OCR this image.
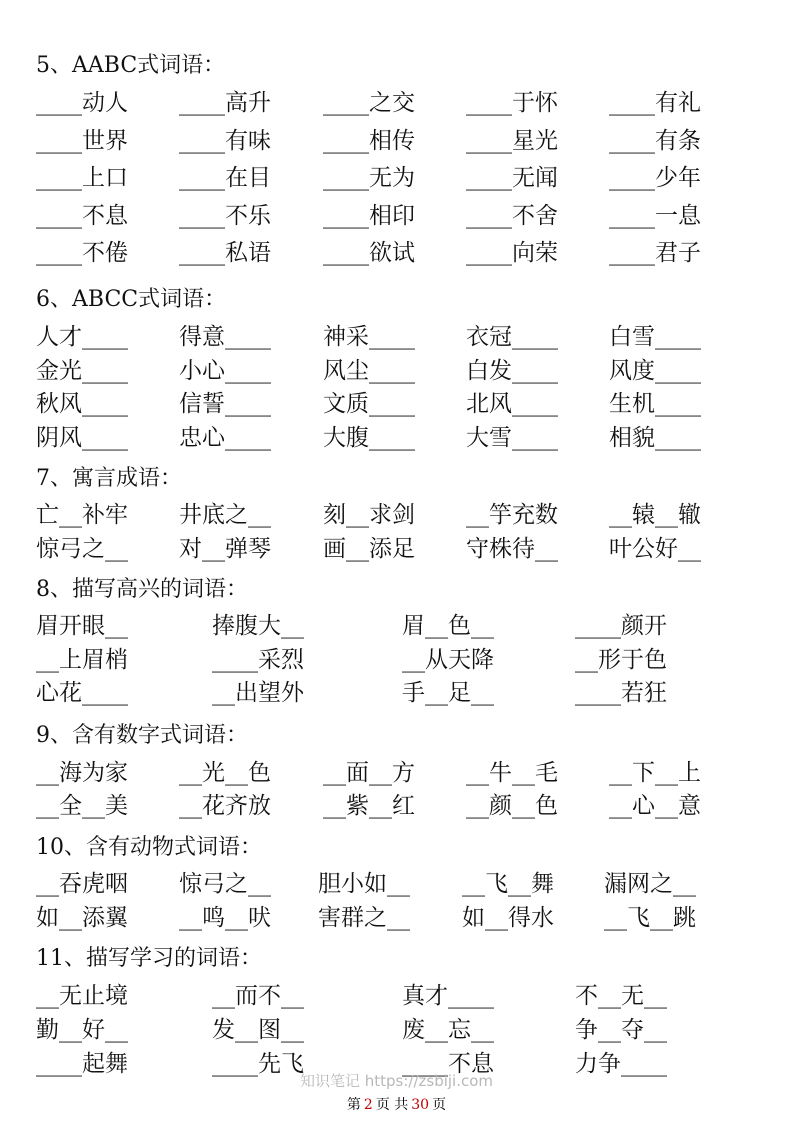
5、AABC式词语：
____动人 ____高升 ____之交 ____于怀 ____有礼
____世界 ____有味 ____相传 ____星光 ____有条
____上口 ____在目 ____无为 ____无闻 ____少年
____不息 ____不乐 ____相印 ____不舍 ____一息
____不倦 ____私语 ____欲试 ____向荣 ____君子
6、ABCC式词语：
人才____ 得意____ 神采____ 衣冠____ 白雪____
金光____ 小心____ 风尘____ 白发____ 风度____
秋风____ 信誓____ 文质____ 北风____ 生机____
阴风____ 忠心____ 大腹____ 大雪____ 相貌____
7、寓言成语：
亡__补牢 井底之__ 刻__求剑 __竽充数 __辕__辙
惊弓之__ 对__弹琴 画__添足 守株待__ 叶公好__
8、描写高兴的词语：
眉开眼__	捧腹大__	眉__色__	____颜开
__上眉梢	____采烈	__从天降	__形于色
心花____	__出望外	手__足__	____若狂
9、含有数字式词语：
__海为家 __光__色 __面__方 __牛__毛 __下__上
__全__美 __花齐放 __紫__红 __颜__色 __心__意
10、含有动物式词语：
__吞虎咽 惊弓之__ 胆小如__ __飞__舞 漏网之__
如__添翼 __鸣__吠 害群之__ 如__得水 __飞__跳
11、描写学习的词语：
__无止境	__而不__	真才____	不__无__
勤__好__	发__图__	废__忘__	争__夺__
____起舞	____先飞	____不息	力争____
知识笔记 https://zsbiji.com
第 2 页 共 30 页
